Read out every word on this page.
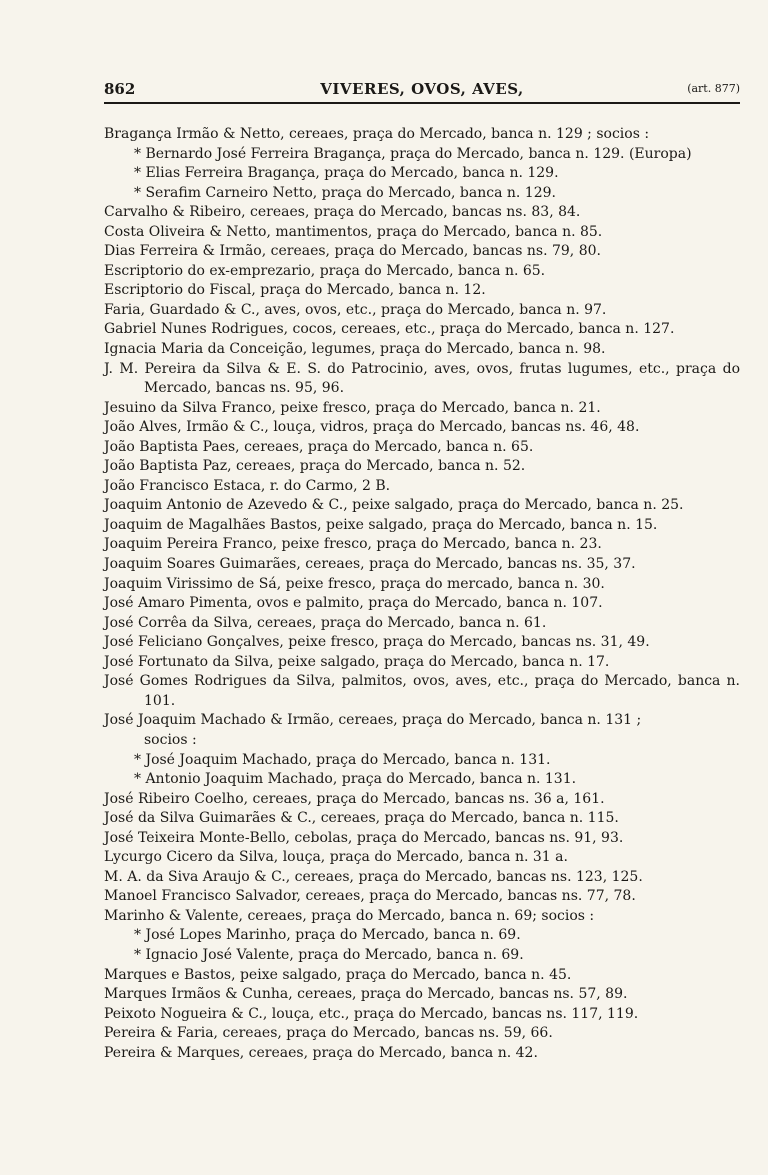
862	VIVERES, OVOS, AVES,	(art. 877)
Bragança Irmão & Netto, cereaes, praça do Mercado, banca n. 129 ; socios :
* Bernardo José Ferreira Bragança, praça do Mercado, banca n. 129. (Europa)
* Elias Ferreira Bragança, praça do Mercado, banca n. 129.
* Serafim Carneiro Netto, praça do Mercado, banca n. 129.
Carvalho & Ribeiro, cereaes, praça do Mercado, bancas ns. 83, 84.
Costa Oliveira & Netto, mantimentos, praça do Mercado, banca n. 85.
Dias Ferreira & Irmão, cereaes, praça do Mercado, bancas ns. 79, 80.
Escriptorio do ex-emprezario, praça do Mercado, banca n. 65.
Escriptorio do Fiscal, praça do Mercado, banca n. 12.
Faria, Guardado & C., aves, ovos, etc., praça do Mercado, banca n. 97.
Gabriel Nunes Rodrigues, cocos, cereaes, etc., praça do Mercado, banca n. 127.
Ignacia Maria da Conceição, legumes, praça do Mercado, banca n. 98.
J. M. Pereira da Silva & E. S. do Patrocinio, aves, ovos, frutas lugumes, etc., praça do Mercado, bancas ns. 95, 96.
Jesuino da Silva Franco, peixe fresco, praça do Mercado, banca n. 21.
João Alves, Irmão & C., louça, vidros, praça do Mercado, bancas ns. 46, 48.
João Baptista Paes, cereaes, praça do Mercado, banca n. 65.
João Baptista Paz, cereaes, praça do Mercado, banca n. 52.
João Francisco Estaca, r. do Carmo, 2 B.
Joaquim Antonio de Azevedo & C., peixe salgado, praça do Mercado, banca n. 25.
Joaquim de Magalhães Bastos, peixe salgado, praça do Mercado, banca n. 15.
Joaquim Pereira Franco, peixe fresco, praça do Mercado, banca n. 23.
Joaquim Soares Guimarães, cereaes, praça do Mercado, bancas ns. 35, 37.
Joaquim Virissimo de Sá, peixe fresco, praça do mercado, banca n. 30.
José Amaro Pimenta, ovos e palmito, praça do Mercado, banca n. 107.
José Corrêa da Silva, cereaes, praça do Mercado, banca n. 61.
José Feliciano Gonçalves, peixe fresco, praça do Mercado, bancas ns. 31, 49.
José Fortunato da Silva, peixe salgado, praça do Mercado, banca n. 17.
José Gomes Rodrigues da Silva, palmitos, ovos, aves, etc., praça do Mercado, banca n. 101.
José Joaquim Machado & Irmão, cereaes, praça do Mercado, banca n. 131 ;
socios :
* José Joaquim Machado, praça do Mercado, banca n. 131.
* Antonio Joaquim Machado, praça do Mercado, banca n. 131.
José Ribeiro Coelho, cereaes, praça do Mercado, bancas ns. 36 a, 161.
José da Silva Guimarães & C., cereaes, praça do Mercado, banca n. 115.
José Teixeira Monte-Bello, cebolas, praça do Mercado, bancas ns. 91, 93.
Lycurgo Cicero da Silva, louça, praça do Mercado, banca n. 31 a.
M. A. da Siva Araujo & C., cereaes, praça do Mercado, bancas ns. 123, 125.
Manoel Francisco Salvador, cereaes, praça do Mercado, bancas ns. 77, 78.
Marinho & Valente, cereaes, praça do Mercado, banca n. 69; socios :
* José Lopes Marinho, praça do Mercado, banca n. 69.
* Ignacio José Valente, praça do Mercado, banca n. 69.
Marques e Bastos, peixe salgado, praça do Mercado, banca n. 45.
Marques Irmãos & Cunha, cereaes, praça do Mercado, bancas ns. 57, 89.
Peixoto Nogueira & C., louça, etc., praça do Mercado, bancas ns. 117, 119.
Pereira & Faria, cereaes, praça do Mercado, bancas ns. 59, 66.
Pereira & Marques, cereaes, praça do Mercado, banca n. 42.
